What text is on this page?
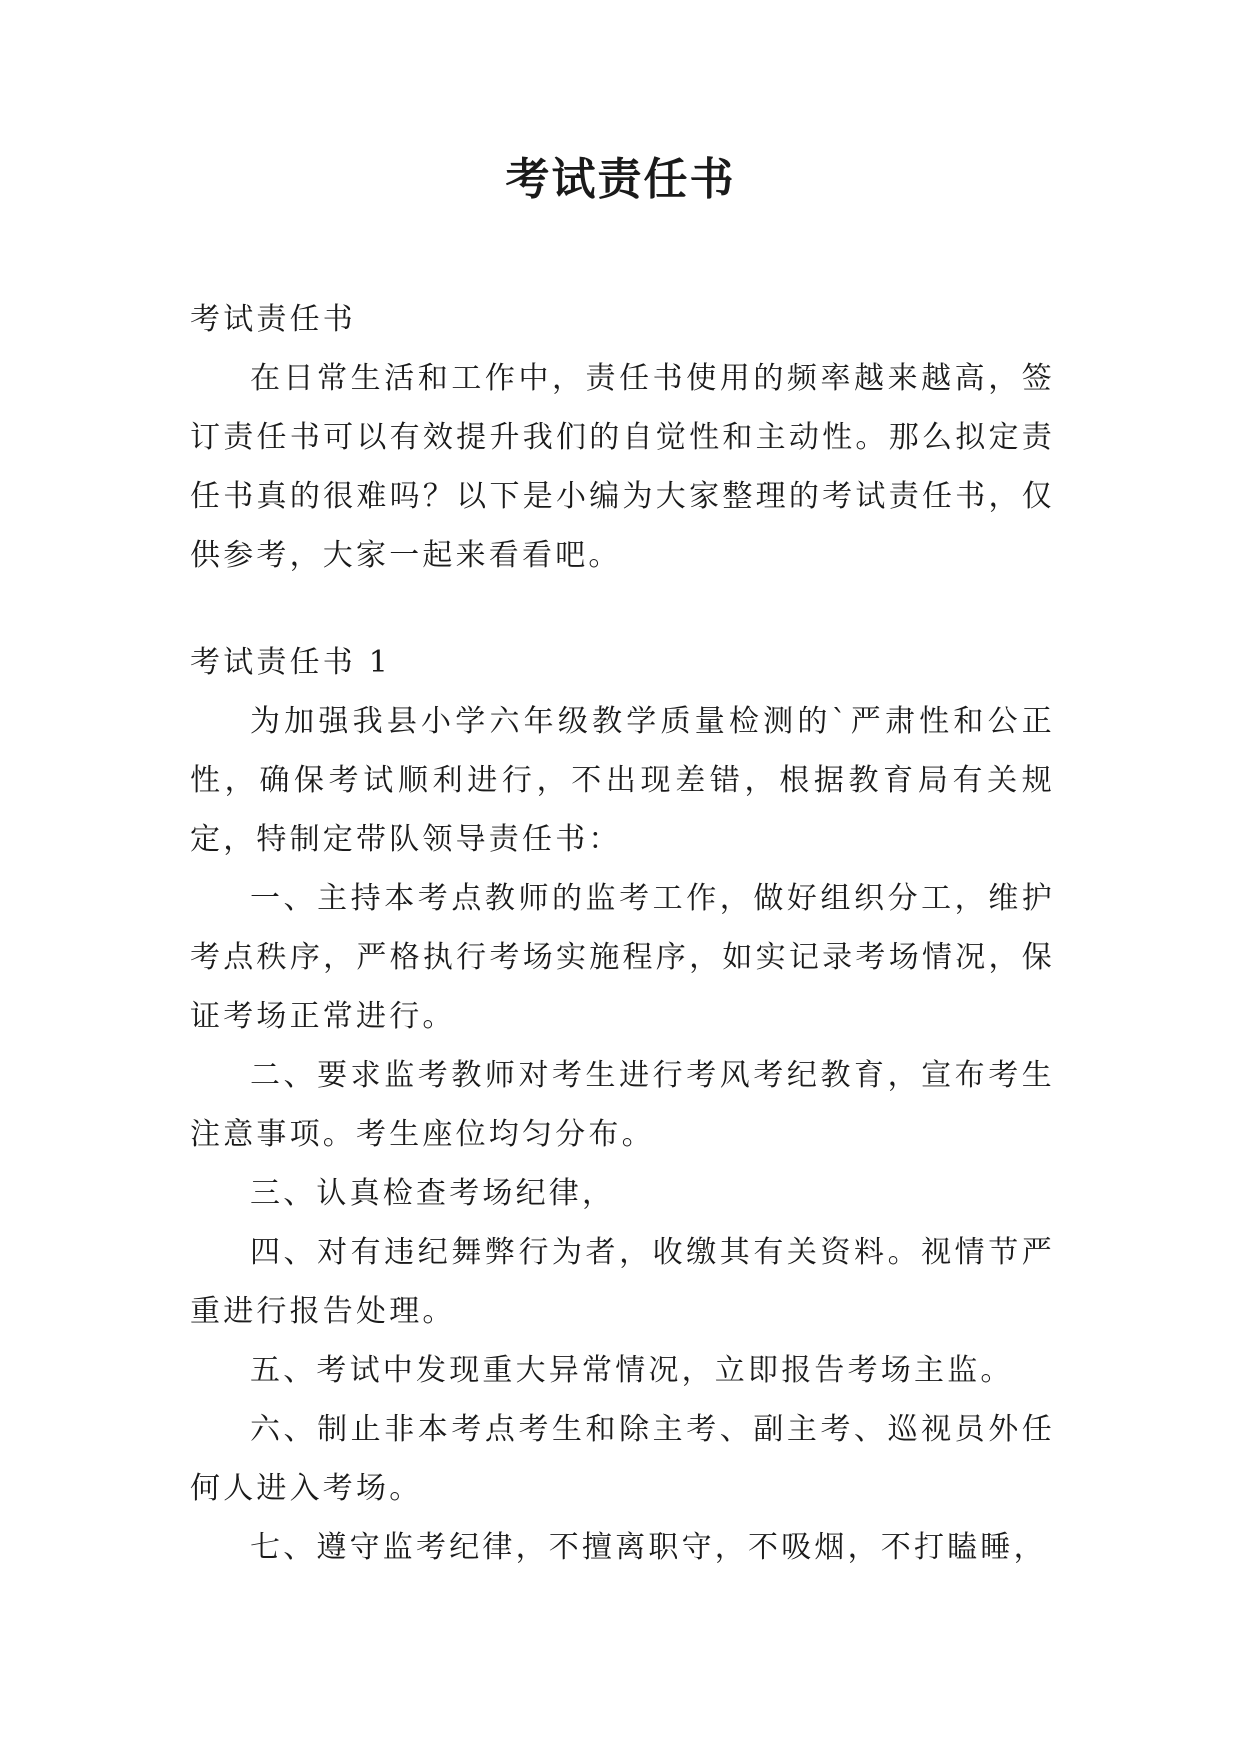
考试责任书

考试责任书

在日常生活和工作中，责任书使用的频率越来越高，签订责任书可以有效提升我们的自觉性和主动性。那么拟定责任书真的很难吗？以下是小编为大家整理的考试责任书，仅供参考，大家一起来看看吧。

考试责任书 1

为加强我县小学六年级教学质量检测的`严肃性和公正性，确保考试顺利进行，不出现差错，根据教育局有关规定，特制定带队领导责任书：

一、主持本考点教师的监考工作，做好组织分工，维护考点秩序，严格执行考场实施程序，如实记录考场情况，保证考场正常进行。

二、要求监考教师对考生进行考风考纪教育，宣布考生注意事项。考生座位均匀分布。

三、认真检查考场纪律，

四、对有违纪舞弊行为者，收缴其有关资料。视情节严重进行报告处理。

五、考试中发现重大异常情况，立即报告考场主监。

六、制止非本考点考生和除主考、副主考、巡视员外任何人进入考场。

七、遵守监考纪律，不擅离职守，不吸烟，不打瞌睡，
